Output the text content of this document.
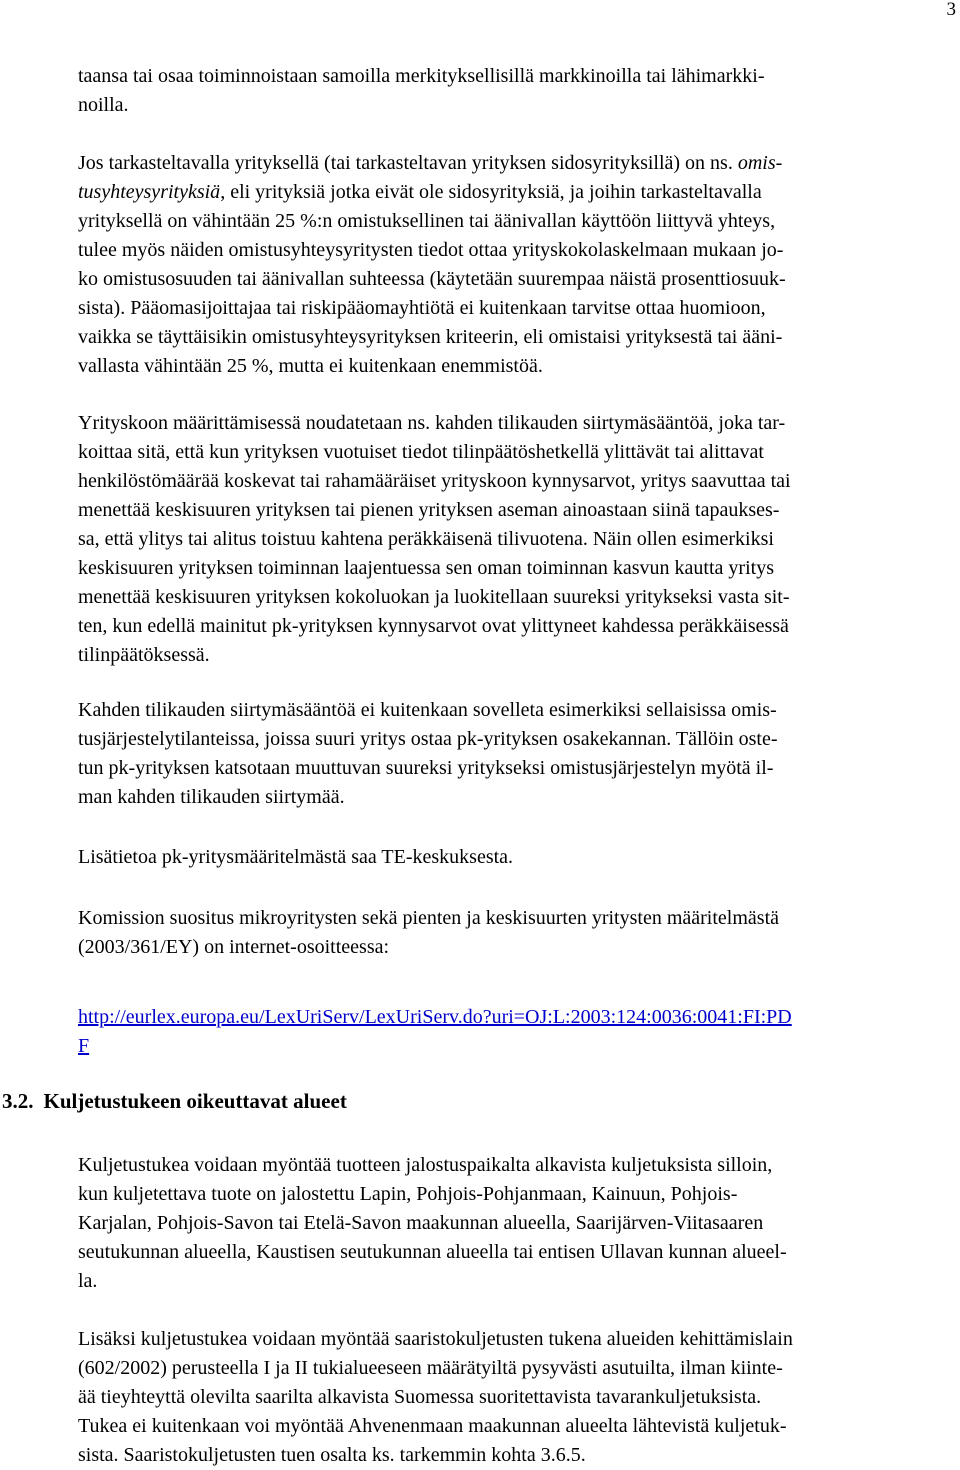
3

taansa tai osaa toiminnoistaan samoilla merkityksellisillä markkinoilla tai lähimarkki-
noilla.

Jos tarkasteltavalla yrityksellä (tai tarkasteltavan yrityksen sidosyrityksillä) on ns. omis-
tusyhteysyrityksiä, eli yrityksiä jotka eivät ole sidosyrityksiä, ja joihin tarkasteltavalla
yrityksellä on vähintään 25 %:n omistuksellinen tai äänivallan käyttöön liittyvä yhteys,
tulee myös näiden omistusyhteysyritysten tiedot ottaa yrityskokolaskelmaan mukaan jo-
ko omistusosuuden tai äänivallan suhteessa (käytetään suurempaa näistä prosenttiosuuk-
sista). Pääomasijoittajaa tai riskipääomayhtiötä ei kuitenkaan tarvitse ottaa huomioon,
vaikka se täyttäisikin omistusyhteysyrityksen kriteerin, eli omistaisi yrityksestä tai ääni-
vallasta vähintään 25 %, mutta ei kuitenkaan enemmistöä.

Yrityskoon määrittämisessä noudatetaan ns. kahden tilikauden siirtymäsääntöä, joka tar-
koittaa sitä, että kun yrityksen vuotuiset tiedot tilinpäätöshetkellä ylittävät tai alittavat
henkilöstömäärää koskevat tai rahamääräiset yrityskoon kynnysarvot, yritys saavuttaa tai
menettää keskisuuren yrityksen tai pienen yrityksen aseman ainoastaan siinä tapaukses-
sa, että ylitys tai alitus toistuu kahtena peräkkäisenä tilivuotena. Näin ollen esimerkiksi
keskisuuren yrityksen toiminnan laajentuessa sen oman toiminnan kasvun kautta yritys
menettää keskisuuren yrityksen kokoluokan ja luokitellaan suureksi yritykseksi vasta sit-
ten, kun edellä mainitut pk-yrityksen kynnysarvot ovat ylittyneet kahdessa peräkkäisessä
tilinpäätöksessä.

Kahden tilikauden siirtymäsääntöä ei kuitenkaan sovelleta esimerkiksi sellaisissa omis-
tusjärjestelytilanteissa, joissa suuri yritys ostaa pk-yrityksen osakekannan. Tällöin oste-
tun pk-yrityksen katsotaan muuttuvan suureksi yritykseksi omistusjärjestelyn myötä il-
man kahden tilikauden siirtymää.

Lisätietoa pk-yritysmääritelmästä saa TE-keskuksesta.

Komission suositus mikroyritysten sekä pienten ja keskisuurten yritysten määritelmästä
(2003/361/EY) on internet-osoitteessa:

http://eurlex.europa.eu/LexUriServ/LexUriServ.do?uri=OJ:L:2003:124:0036:0041:FI:PD
F

3.2. Kuljetustukeen oikeuttavat alueet

Kuljetustukea voidaan myöntää tuotteen jalostuspaikalta alkavista kuljetuksista silloin,
kun kuljetettava tuote on jalostettu Lapin, Pohjois-Pohjanmaan, Kainuun, Pohjois-
Karjalan, Pohjois-Savon tai Etelä-Savon maakunnan alueella, Saarijärven-Viitasaaren
seutukunnan alueella, Kaustisen seutukunnan alueella tai entisen Ullavan kunnan alueel-
la.

Lisäksi kuljetustukea voidaan myöntää saaristokuljetusten tukena alueiden kehittämislain
(602/2002) perusteella I ja II tukialueeseen määrätyiltä pysyvästi asutuilta, ilman kiinte-
ää tieyhteyttä olevilta saarilta alkavista Suomessa suoritettavista tavarankuljetuksista.
Tukea ei kuitenkaan voi myöntää Ahvenenmaan maakunnan alueelta lähtevistä kuljetuk-
sista. Saaristokuljetusten tuen osalta ks. tarkemmin kohta 3.6.5.
